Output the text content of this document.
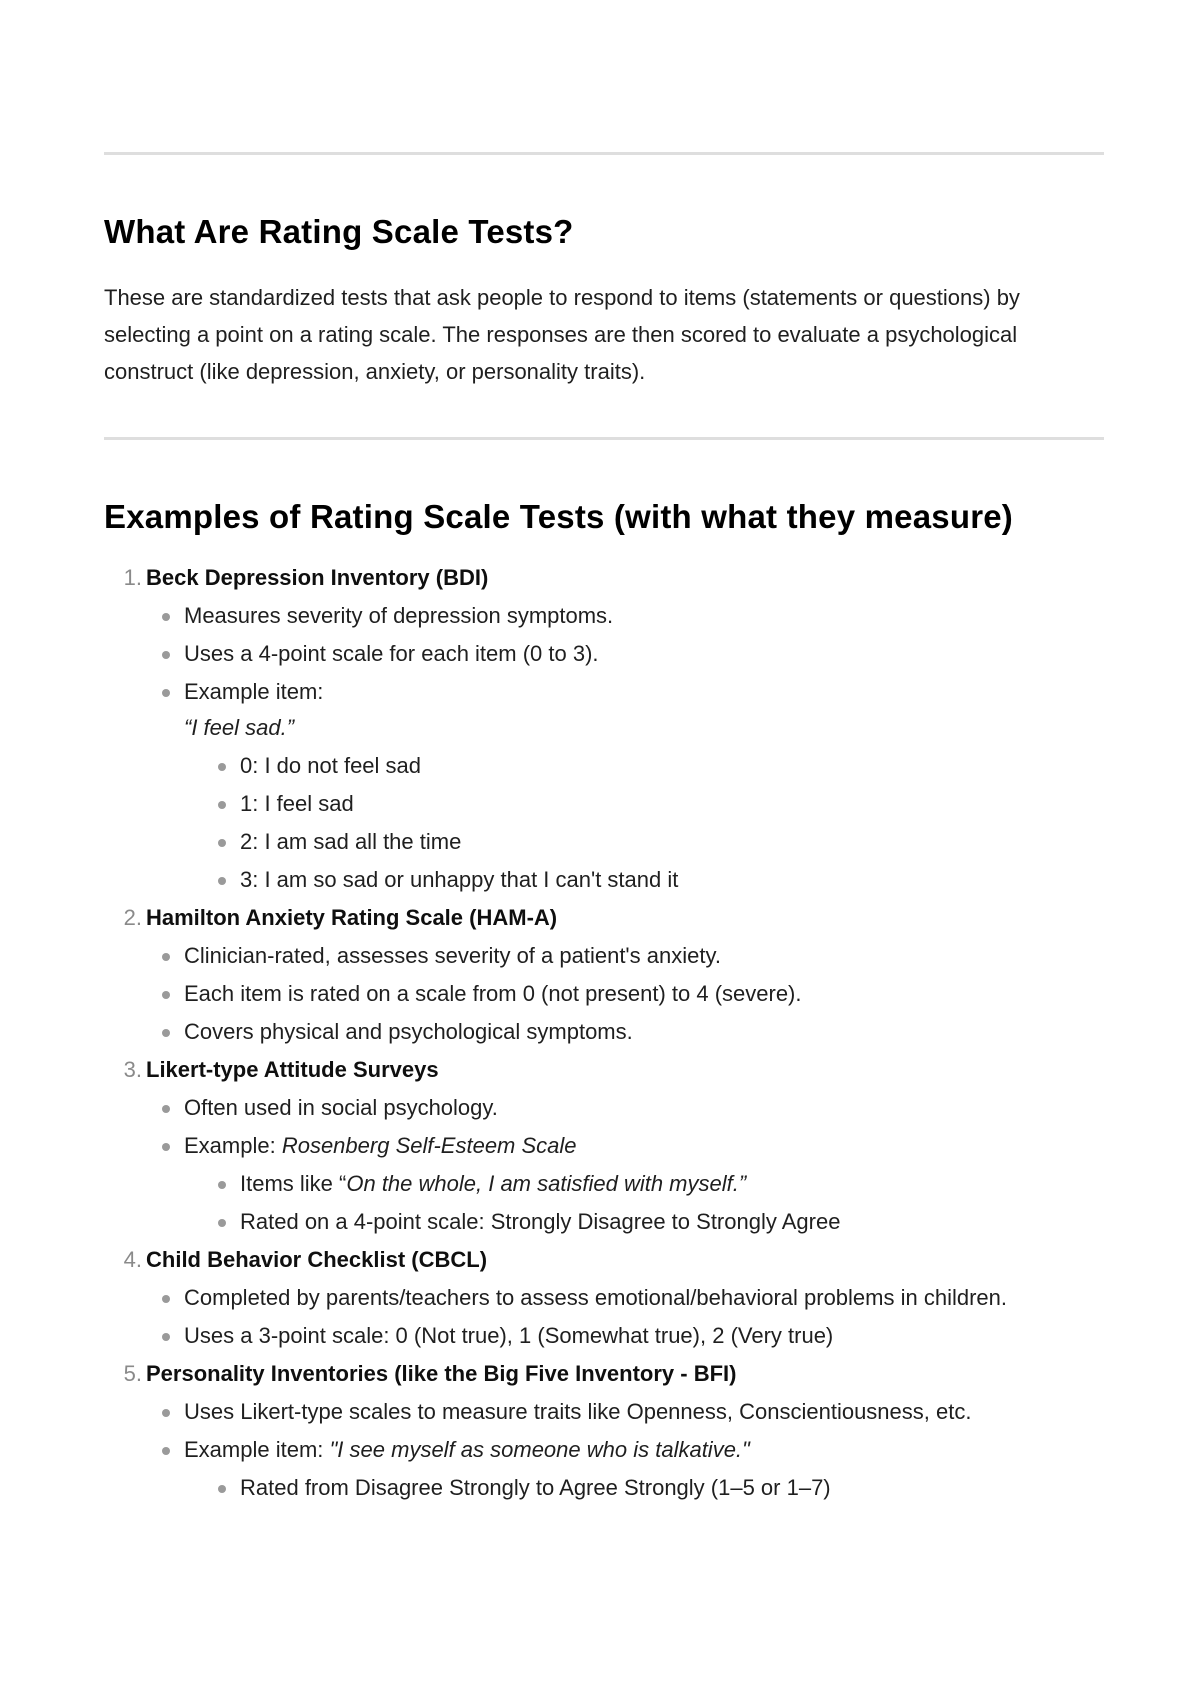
What Are Rating Scale Tests?

These are standardized tests that ask people to respond to items (statements or questions) by selecting a point on a rating scale. The responses are then scored to evaluate a psychological construct (like depression, anxiety, or personality traits).

Examples of Rating Scale Tests (with what they measure)
1. Beck Depression Inventory (BDI)
Measures severity of depression symptoms.
Uses a 4-point scale for each item (0 to 3).
Example item:
“I feel sad.”
0: I do not feel sad
1: I feel sad
2: I am sad all the time
3: I am so sad or unhappy that I can't stand it
2. Hamilton Anxiety Rating Scale (HAM-A)
Clinician-rated, assesses severity of a patient's anxiety.
Each item is rated on a scale from 0 (not present) to 4 (severe).
Covers physical and psychological symptoms.
3. Likert-type Attitude Surveys
Often used in social psychology.
Example: Rosenberg Self-Esteem Scale
Items like “On the whole, I am satisfied with myself.”
Rated on a 4-point scale: Strongly Disagree to Strongly Agree
4. Child Behavior Checklist (CBCL)
Completed by parents/teachers to assess emotional/behavioral problems in children.
Uses a 3-point scale: 0 (Not true), 1 (Somewhat true), 2 (Very true)
5. Personality Inventories (like the Big Five Inventory - BFI)
Uses Likert-type scales to measure traits like Openness, Conscientiousness, etc.
Example item: "I see myself as someone who is talkative."
Rated from Disagree Strongly to Agree Strongly (1–5 or 1–7)
